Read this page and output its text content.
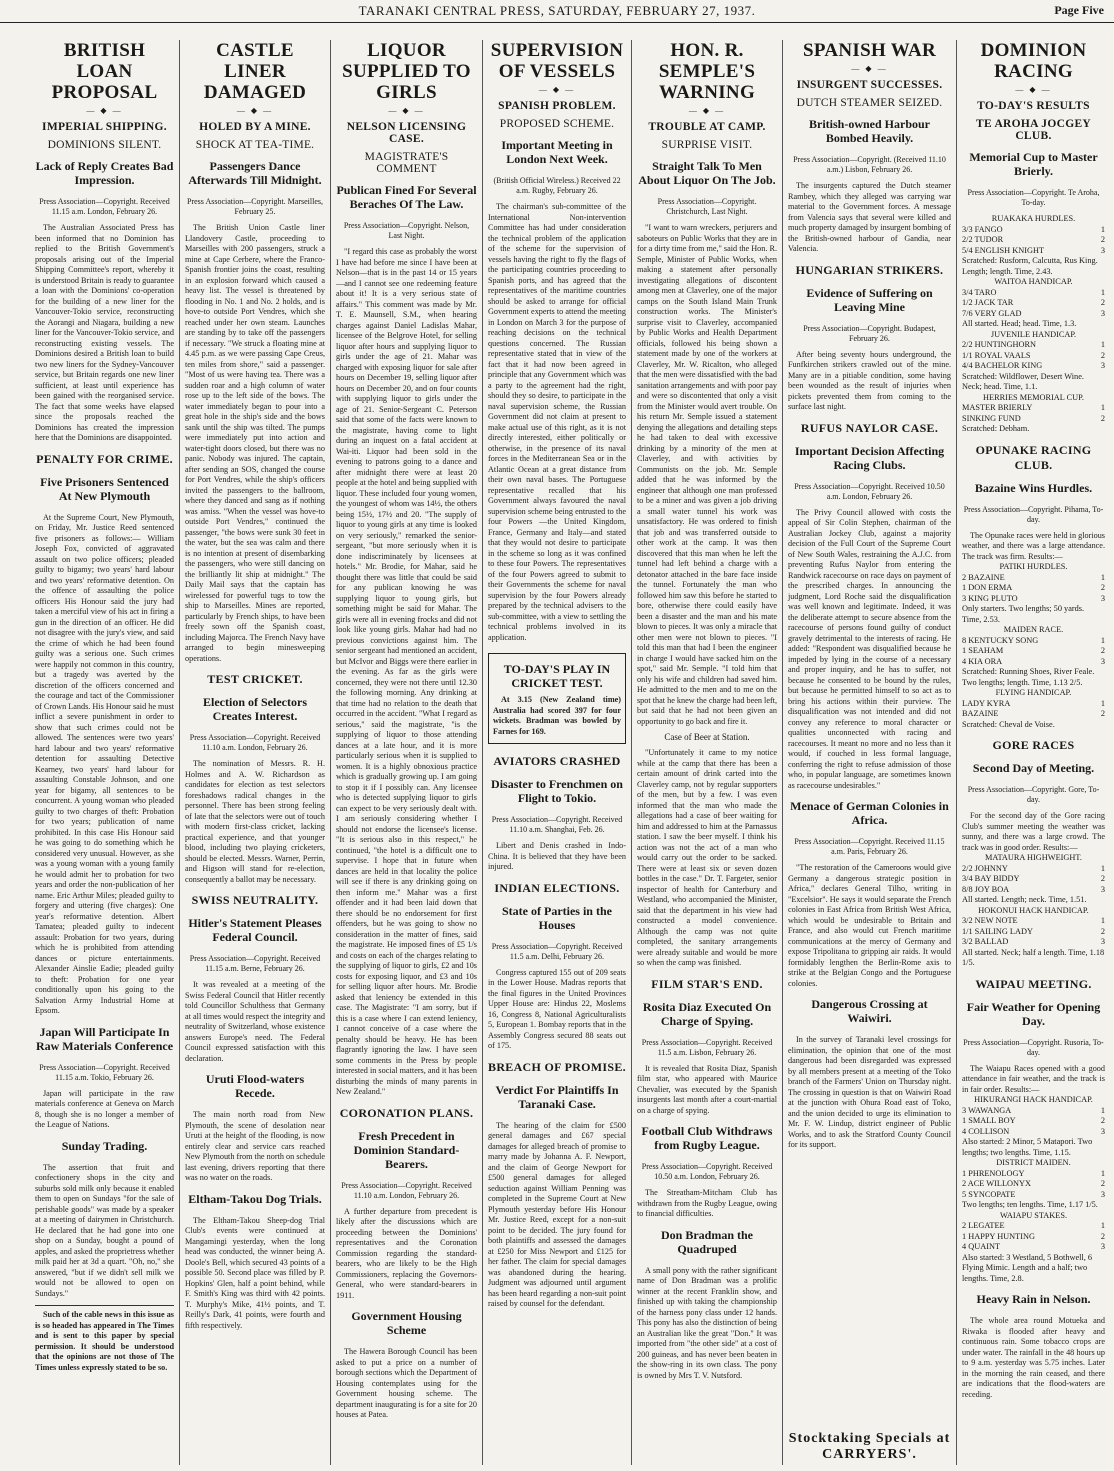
TARANAKI CENTRAL PRESS, SATURDAY, FEBRUARY 27, 1937.	Page Five
BRITISH LOAN PROPOSAL
— ◆ —
IMPERIAL SHIPPING.
DOMINIONS SILENT.
Lack of Reply Creates Bad Impression.
Press Association—Copyright. Received 11.15 a.m. London, February 26.

The Australian Associated Press has been informed that no Dominion has replied to the British Government's proposals arising out of the Imperial Shipping Committee's report, whereby it is understood Britain is ready to guarantee a loan with the Dominions' co-operation for the building of a new liner for the Vancouver-Tokio service, reconstructing the Aorangi and Niagara, building a new liner for the Vancouver-Tokio service, and reconstructing existing vessels. The Dominions desired a British loan to build two new liners for the Sydney-Vancouver service, but Britain regards one new liner sufficient, at least until experience has been gained with the reorganised service. The fact that some weeks have elapsed since the proposals reached the Dominions has created the impression here that the Dominions are disappointed.

PENALTY FOR CRIME.
Five Prisoners Sentenced At New Plymouth

At the Supreme Court, New Plymouth, on Friday, Mr. Justice Reed sentenced five prisoners as follows:— William Joseph Fox, convicted of aggravated assault on two police officers; pleaded guilty to bigamy; two years' hard labour and two years' reformative detention. On the offence of assaulting the police officers His Honour said the jury had taken a merciful view of his act in firing a gun in the direction of an officer. He did not disagree with the jury's view, and said the crime of which he had been found guilty was a serious one. Such crimes were happily not common in this country, but a tragedy was averted by the discretion of the officers concerned and the courage and tact of the Commissioner of Crown Lands. His Honour said he must inflict a severe punishment in order to show that such crimes could not be allowed. The sentences were two years' hard labour and two years' reformative detention for assaulting Detective Kearney, two years' hard labour for assaulting Constable Johnson, and one year for bigamy, all sentences to be concurrent. A young woman who pleaded guilty to two charges of theft: Probation for two years; publication of name prohibited. In this case His Honour said he was going to do something which he considered very unusual. However, as she was a young woman with a young family he would admit her to probation for two years and order the non-publication of her name. Eric Arthur Miles; pleaded guilty to forgery and uttering (five charges): One year's reformative detention. Albert Tamatea; pleaded guilty to indecent assault: Probation for two years, during which he is prohibited from attending dances or picture entertainments. Alexander Ainslie Eadie; pleaded guilty to theft: Probation for one year conditionally upon his going to the Salvation Army Industrial Home at Epsom.

Japan Will Participate In Raw Materials Conference
Press Association—Copyright. Received 11.15 a.m. Tokio, February 26.

Japan will participate in the raw materials conference at Geneva on March 8, though she is no longer a member of the League of Nations.

Sunday Trading.

The assertion that fruit and confectionery shops in the city and suburbs sold milk only because it enabled them to open on Sundays "for the sale of perishable goods" was made by a speaker at a meeting of dairymen in Christchurch. He declared that he had gone into one shop on a Sunday, bought a pound of apples, and asked the proprietress whether milk paid her at 3d a quart. "Oh, no," she answered, "but if we didn't sell milk we would not be allowed to open on Sundays."

Such of the cable news in this issue as is so headed has appeared in The Times and is sent to this paper by special permission. It should be understood that the opinions are not those of The Times unless expressly stated to be so.

CASTLE LINER DAMAGED
— ◆ —
HOLED BY A MINE.
SHOCK AT TEA-TIME.
Passengers Dance Afterwards Till Midnight.
Press Association—Copyright. Marseilles, February 25.

The British Union Castle liner Llandovery Castle, proceeding to Marseilles with 200 passengers, struck a mine at Cape Cerbere, where the Franco-Spanish frontier joins the coast, resulting in an explosion forward which caused a heavy list. The vessel is threatened by flooding in No. 1 and No. 2 holds, and is hove-to outside Port Vendres, which she reached under her own steam. Launches are standing by to take off the passengers if necessary. "We struck a floating mine at 4.45 p.m. as we were passing Cape Creus, ten miles from shore," said a passenger. "Most of us were having tea. There was a sudden roar and a high column of water rose up to the left side of the bows. The water immediately began to pour into a great hole in the ship's side and the bows sank until the ship was tilted. The pumps were immediately put into action and water-tight doors closed, but there was no panic. Nobody was injured. The captain, after sending an SOS, changed the course for Port Vendres, while the ship's officers invited the passengers to the ballroom, where they danced and sang as if nothing was amiss. "When the vessel was hove-to outside Port Vendres," continued the passenger, "the bows were sunk 30 feet in the water, but the sea was calm and there is no intention at present of disembarking the passengers, who were still dancing on the brilliantly lit ship at midnight." The Daily Mail says that the captain has wirelessed for powerful tugs to tow the ship to Marseilles. Mines are reported, particularly by French ships, to have been freely sown off the Spanish coast, including Majorca. The French Navy have arranged to begin minesweeping operations.

TEST CRICKET.
Election of Selectors Creates Interest.
Press Association—Copyright. Received 11.10 a.m. London, February 26.

The nomination of Messrs. R. H. Holmes and A. W. Richardson as candidates for election as test selectors foreshadows radical changes in the personnel. There has been strong feeling of late that the selectors were out of touch with modern first-class cricket, lacking practical experience, and that younger blood, including two playing cricketers, should be elected. Messrs. Warner, Perrin, and Higson will stand for re-election, consequently a ballot may be necessary.

SWISS NEUTRALITY.
Hitler's Statement Pleases Federal Council.
Press Association—Copyright. Received 11.15 a.m. Berne, February 26.

It was revealed at a meeting of the Swiss Federal Council that Hitler recently told Councillor Schulthess that Germany at all times would respect the integrity and neutrality of Switzerland, whose existence answers Europe's need. The Federal Council expressed satisfaction with this declaration.

Uruti Flood-waters Recede.

The main north road from New Plymouth, the scene of desolation near Uruti at the height of the flooding, is now entirely clear and service cars reached New Plymouth from the north on schedule last evening, drivers reporting that there was no water on the roads.

Eltham-Takou Dog Trials.

The Eltham-Takou Sheep-dog Trial Club's events were continued at Mangamingi yesterday, when the long head was conducted, the winner being A. Doole's Bell, which secured 43 points of a possible 50. Second place was filled by P. Hopkins' Glen, half a point behind, while F. Smith's King was third with 42 points. T. Murphy's Mike, 41½ points, and T. Reilly's Dark, 41 points, were fourth and fifth respectively.

LIQUOR SUPPLIED TO GIRLS
— ◆ —
NELSON LICENSING CASE.
MAGISTRATE'S COMMENT
Publican Fined For Several Beraches Of The Law.
Press Association—Copyright. Nelson, Last Night.

"I regard this case as probably the worst I have had before me since I have been at Nelson—that is in the past 14 or 15 years—and I cannot see one redeeming feature about it! It is a very serious state of affairs." This comment was made by Mr. T. E. Maunsell, S.M., when hearing charges against Daniel Ladislas Mahar, licensee of the Belgrove Hotel, for selling liquor after hours and supplying liquor to girls under the age of 21. Mahar was charged with exposing liquor for sale after hours on December 19, selling liquor after hours on December 20, and on four counts with supplying liquor to girls under the age of 21. Senior-Sergeant C. Peterson said that some of the facts were known to the magistrate, having come to light during an inquest on a fatal accident at Wai-iti. Liquor had been sold in the evening to patrons going to a dance and after midnight there were at least 20 people at the hotel and being supplied with liquor. These included four young women, the youngest of whom was 14½, the others being 15½, 17½ and 20. "The supply of liquor to young girls at any time is looked on very seriously," remarked the senior-sergeant, "but more seriously when it is done indiscriminately by licensees at hotels." Mr. Brodie, for Mahar, said he thought there was little that could be said for any publican knowing he was supplying liquor to young girls, but something might be said for Mahar. The girls were all in evening frocks and did not look like young girls. Mahar had had no previous convictions against him. The senior sergeant had mentioned an accident, but McIvor and Biggs were there earlier in the evening. As far as the girls were concerned, they were not there until 12.30 the following morning. Any drinking at that time had no relation to the death that occurred in the accident. "What I regard as serious," said the magistrate, "is the supplying of liquor to those attending dances at a late hour, and it is more particularly serious when it is supplied to women. It is a highly obnoxious practice which is gradually growing up. I am going to stop it if I possibly can. Any licensee who is detected supplying liquor to girls can expect to be very seriously dealt with. I am seriously considering whether I should not endorse the licensee's license. "It is serious also in this respect," he continued, "the hotel is a difficult one to supervise. I hope that in future when dances are held in that locality the police will see if there is any drinking going on then inform me." Mahar was a first offender and it had been laid down that there should be no endorsement for first offenders, but he was going to show no consideration in the matter of fines, said the magistrate. He imposed fines of £5 1/s and costs on each of the charges relating to the supplying of liquor to girls, £2 and 10s costs for exposing liquor, and £3 and 10s for selling liquor after hours. Mr. Brodie asked that leniency be extended in this case. The Magistrate: "I am sorry, but if this is a case where I can extend leniency, I cannot conceive of a case where the penalty should be heavy. He has been flagrantly ignoring the law. I have seen some comments in the Press by people interested in social matters, and it has been disturbing the minds of many parents in New Zealand."

CORONATION PLANS.
Fresh Precedent in Dominion Standard-Bearers.
Press Association—Copyright. Received 11.10 a.m. London, February 26.

A further departure from precedent is likely after the discussions which are proceeding between the Dominions' representatives and the Coronation Commission regarding the standard-bearers, who are likely to be the High Commissioners, replacing the Governors-General, who were standard-bearers in 1911.

Government Housing Scheme

The Hawera Borough Council has been asked to put a price on a number of borough sections which the Department of Housing contemplates using for the Government housing scheme. The department inaugurating is for a site for 20 houses at Patea.

SUPERVISION OF VESSELS
— ◆ —
SPANISH PROBLEM.
PROPOSED SCHEME.
Important Meeting in London Next Week.
(British Official Wireless.) Received 22 a.m. Rugby, February 26.

The chairman's sub-committee of the International Non-intervention Committee has had under consideration the technical problem of the application of the scheme for the supervision of vessels having the right to fly the flags of the participating countries proceeding to Spanish ports, and has agreed that the representatives of the maritime countries should be asked to arrange for official Government experts to attend the meeting in London on March 3 for the purpose of reaching decisions on the technical questions concerned. The Russian representative stated that in view of the fact that it had now been agreed in principle that any Government which was a party to the agreement had the right, should they so desire, to participate in the naval supervision scheme, the Russian Government did not claim at present to make actual use of this right, as it is not directly interested, either politically or otherwise, in the presence of its naval forces in the Mediterranean Sea or in the Atlantic Ocean at a great distance from their own naval bases. The Portuguese representative recalled that his Government always favoured the naval supervision scheme being entrusted to the four Powers —the United Kingdom, France, Germany and Italy—and stated that they would not desire to participate in the scheme so long as it was confined to these four Powers. The representatives of the four Powers agreed to submit to their Governments the scheme for naval supervision by the four Powers already prepared by the technical advisers to the sub-committee, with a view to settling the technical problems involved in its application.

TO-DAY'S PLAY IN CRICKET TEST.

At 3.15 (New Zealand time) Australia had scored 397 for four wickets. Bradman was bowled by Farnes for 169.

AVIATORS CRASHED
Disaster to Frenchmen on Flight to Tokio.
Press Association—Copyright. Received 11.10 a.m. Shanghai, Feb. 26.

Libert and Denis crashed in Indo-China. It is believed that they have been injured.

INDIAN ELECTIONS.
State of Parties in the Houses
Press Association—Copyright. Received 11.5 a.m. Delhi, February 26.

Congress captured 155 out of 209 seats in the Lower House. Madras reports that the final figures in the United Provinces Upper House are: Hindus 22, Moslems 16, Congress 8, National Agriculturalists 5, European 1. Bombay reports that in the Assembly Congress secured 88 seats out of 175.

BREACH OF PROMISE.
Verdict For Plaintiffs In Taranaki Case.

The hearing of the claim for £500 general damages and £67 special damages for alleged breach of promise to marry made by Johanna A. F. Newport, and the claim of George Newport for £500 general damages for alleged seduction against William Penning was completed in the Supreme Court at New Plymouth yesterday before His Honour Mr. Justice Reed, except for a non-suit point to be decided. The jury found for both plaintiffs and assessed the damages at £250 for Miss Newport and £125 for her father. The claim for special damages was abandoned during the hearing. Judgment was adjourned until argument has been heard regarding a non-suit point raised by counsel for the defendant.

HON. R. SEMPLE'S WARNING
— ◆ —
TROUBLE AT CAMP.
SURPRISE VISIT.
Straight Talk To Men About Liquor On The Job.
Press Association—Copyright. Christchurch, Last Night.

"I want to warn wreckers, perjurers and saboteurs on Public Works that they are in for a dirty time from me," said the Hon. R. Semple, Minister of Public Works, when making a statement after personally investigating allegations of discontent among men at Claverley, one of the major camps on the South Island Main Trunk construction works. The Minister's surprise visit to Claverley, accompanied by Public Works and Health Department officials, followed his being shown a statement made by one of the workers at Claverley, Mr. W. Ricalton, who alleged that the men were dissatisfied with the bad sanitation arrangements and with poor pay and were so discontented that only a visit from the Minister would avert trouble. On his return Mr. Semple issued a statement denying the allegations and detailing steps he had taken to deal with excessive drinking by a minority of the men at Claverley, and with activities by Communists on the job. Mr. Semple added that he was informed by the engineer that although one man professed to be a miner and was given a job driving a small water tunnel his work was unsatisfactory. He was ordered to finish that job and was transferred outside to other work at the camp. It was then discovered that this man when he left the tunnel had left behind a charge with a detonator attached in the bare face inside the tunnel. Fortunately the man who followed him saw this before he started to bore, otherwise there could easily have been a disaster and the man and his mate blown to pieces. It was only a miracle that other men were not blown to pieces. "I told this man that had I been the engineer in charge I would have sacked him on the spot," said Mr. Semple. "I told him that only his wife and children had saved him. He admitted to the men and to me on the spot that he knew the charge had been left, but said that he had not been given an opportunity to go back and fire it.

Case of Beer at Station.

"Unfortunately it came to my notice while at the camp that there has been a certain amount of drink carted into the Claverley camp, not by regular supporters of the men, but by a few. I was even informed that the man who made the allegations had a case of beer waiting for him and addressed to him at the Parnassus station. I saw the beer myself. I think his action was not the act of a man who would carry out the order to be sacked. There were at least six or seven dozen bottles in the case." Dr. T. Fargeter, senior inspector of health for Canterbury and Westland, who accompanied the Minister, said that the department in his view had constructed a model convenience. Although the camp was not quite completed, the sanitary arrangements were already suitable and would be more so when the camp was finished.

FILM STAR'S END.
Rosita Diaz Executed On Charge of Spying.
Press Association—Copyright. Received 11.5 a.m. Lisbon, February 26.

It is revealed that Rosita Diaz, Spanish film star, who appeared with Maurice Chevalier, was executed by the Spanish insurgents last month after a court-martial on a charge of spying.

Football Club Withdraws from Rugby League.
Press Association—Copyright. Received 10.50 a.m. London, February 26.

The Streatham-Mitcham Club has withdrawn from the Rugby League, owing to financial difficulties.

Don Bradman the Quadruped

A small pony with the rather significant name of Don Bradman was a prolific winner at the recent Franklin show, and finished up with taking the championship of the harness pony class under 12 hands. This pony has also the distinction of being an Australian like the great "Don." It was imported from "the other side" at a cost of 200 guineas, and has never been beaten in the show-ring in its own class. The pony is owned by Mrs T. V. Nutsford.

SPANISH WAR
— ◆ —
INSURGENT SUCCESSES.
DUTCH STEAMER SEIZED.
British-owned Harbour Bombed Heavily.
Press Association—Copyright. (Received 11.10 a.m.) Lisbon, February 26.

The insurgents captured the Dutch steamer Rambey, which they alleged was carrying war material to the Government forces. A message from Valencia says that several were killed and much property damaged by insurgent bombing of the British-owned harbour of Gandia, near Valencia.

HUNGARIAN STRIKERS.
Evidence of Suffering on Leaving Mine
Press Association—Copyright. Budapest, February 26.

After being seventy hours underground, the Funfkirchen strikers crawled out of the mine. Many are in a pitiable condition, some having been wounded as the result of injuries when pickets prevented them from coming to the surface last night.

RUFUS NAYLOR CASE.
Important Decision Affecting Racing Clubs.
Press Association—Copyright. Received 10.50 a.m. London, February 26.

The Privy Council allowed with costs the appeal of Sir Colin Stephen, chairman of the Australian Jockey Club, against a majority decision of the Full Court of the Supreme Court of New South Wales, restraining the A.J.C. from preventing Rufus Naylor from entering the Randwick racecourse on race days on payment of the prescribed charges. In announcing the judgment, Lord Roche said the disqualification was well known and legitimate. Indeed, it was the deliberate attempt to secure absence from the racecourse of persons found guilty of conduct gravely detrimental to the interests of racing. He added: "Respondent was disqualified because he impeded by lying in the course of a necessary and proper inquiry, and he has to suffer, not because he consented to be bound by the rules, but because he permitted himself to so act as to bring his actions within their purview. The disqualification was not intended and did not convey any reference to moral character or qualities unconnected with racing and racecourses. It meant no more and no less than it would, if couched in less formal language, conferring the right to refuse admission of those who, in popular language, are sometimes known as racecourse undesirables."

Menace of German Colonies in Africa.
Press Association—Copyright. Received 11.15 a.m. Paris, February 26.

"The restoration of the Cameroons would give Germany a dangerous strategic position in Africa," declares General Tilho, writing in "Excelsior". He says it would separate the French colonies in East Africa from British West Africa, which would be undesirable to Britain and France, and also would cut French maritime communications at the mercy of Germany and expose Tripolitana to gripping air raids. It would formidably lengthen the Berlin-Rome axis to strike at the Belgian Congo and the Portuguese colonies.

Dangerous Crossing at Waiwiri.

In the survey of Taranaki level crossings for elimination, the opinion that one of the most dangerous had been disregarded was expressed by all members present at a meeting of the Toko branch of the Farmers' Union on Thursday night. The crossing in question is that on Waiwiri Road at the junction with Ohura Road east of Toko, and the union decided to urge its elimination to Mr. F. W. Lindup, district engineer of Public Works, and to ask the Stratford County Council for its support.

Stocktaking Specials at CARRYERS'.
DOMINION RACING
— ◆ —
TO-DAY'S RESULTS
TE AROHA JOCGEY CLUB.
Memorial Cup to Master Brierly.
Press Association—Copyright. Te Aroha, To-day.
RUAKAKA HURDLES.
3/3 FANGO	1
2/2 TUDOR	2
5/4 ENGLISH KNIGHT	3
Scratched: Rusform, Calcutta, Rus King. Length; length. Time, 2.43.
WAITOA HANDICAP.
3/4 TARO	1
1/2 JACK TAR	2
7/6 VERY GLAD	3
All started. Head; head. Time, 1.3.
JUVENILE HANDICAP.
2/2 HUNTINGHORN	1
1/1 ROYAL VAALS	2
4/4 BACHELOR KING	3
Scratched: Wildflower, Desert Wine. Neck; head. Time, 1.1.
HERRIES MEMORIAL CUP.
MASTER BRIERLY	1
SINKING FUND	2
Scratched: Debham.
OPUNAKE RACING CLUB.
Bazaine Wins Hurdles.
Press Association—Copyright. Pihama, To-day.

The Opunake races were held in glorious weather, and there was a large attendance. The track was firm. Results:—

PATIKI HURDLES.
2 BAZAINE	1
1 DON ERMA	2
3 KING PLUTO	3
Only starters. Two lengths; 50 yards. Time, 2.53.
MAIDEN RACE.
8 KENTUCKY SONG	1
1 SEAHAM	2
4 KIA ORA	3
Scratched: Running Shoes, River Feale. Two lengths; length. Time, 1.13 2/5.
FLYING HANDICAP.
LADY KYRA	1
BAZAINE	2
Scratched: Cheval de Voise.
GORE RACES
Second Day of Meeting.
Press Association—Copyright. Gore, To-day.

For the second day of the Gore racing Club's summer meeting the weather was sunny, and there was a large crowd. The track was in good order. Results:—

MATAURA HIGHWEIGHT.
2/2 JOHNNY	1
3/4 BAY BIDDY	2
8/8 JOY BOA	3
All started. Length; neck. Time, 1.51.
HOKONUI HACK HANDICAP.
3/2 NEW NOTE	1
1/1 SAILING LADY	2
3/2 BALLAD	3
All started. Neck; half a length. Time, 1.18 1/5.
WAIPAU MEETING.
Fair Weather for Opening Day.
Press Association—Copyright. Rusoria, To-day.

The Waiapu Races opened with a good attendance in fair weather, and the track is in fair order. Results:—

HIKURANGI HACK HANDICAP.
3 WAWANGA	1
1 SMALL BOY	2
4 COLLISON	3
Also started: 2 Minor, 5 Matapori. Two lengths; two lengths. Time, 1.15.
DISTRICT MAIDEN.
1 PHRENOLOGY	1
2 ACE WILLONYX	2
5 SYNCOPATE	3
Two lengths; ten lengths. Time, 1.17 1/5.
WAIAPU STAKES.
2 LEGATEE	1
1 HAPPY HUNTING	2
4 QUAINT	3
Also started: 3 Westland, 5 Bothwell, 6 Flying Mimic. Length and a half; two lengths. Time, 2.8.
Heavy Rain in Nelson.

The whole area round Motueka and Riwaka is flooded after heavy and continuous rain. Some tobacco crops are under water. The rainfall in the 48 hours up to 9 a.m. yesterday was 5.75 inches. Later in the morning the rain ceased, and there are indications that the flood-waters are receding.
